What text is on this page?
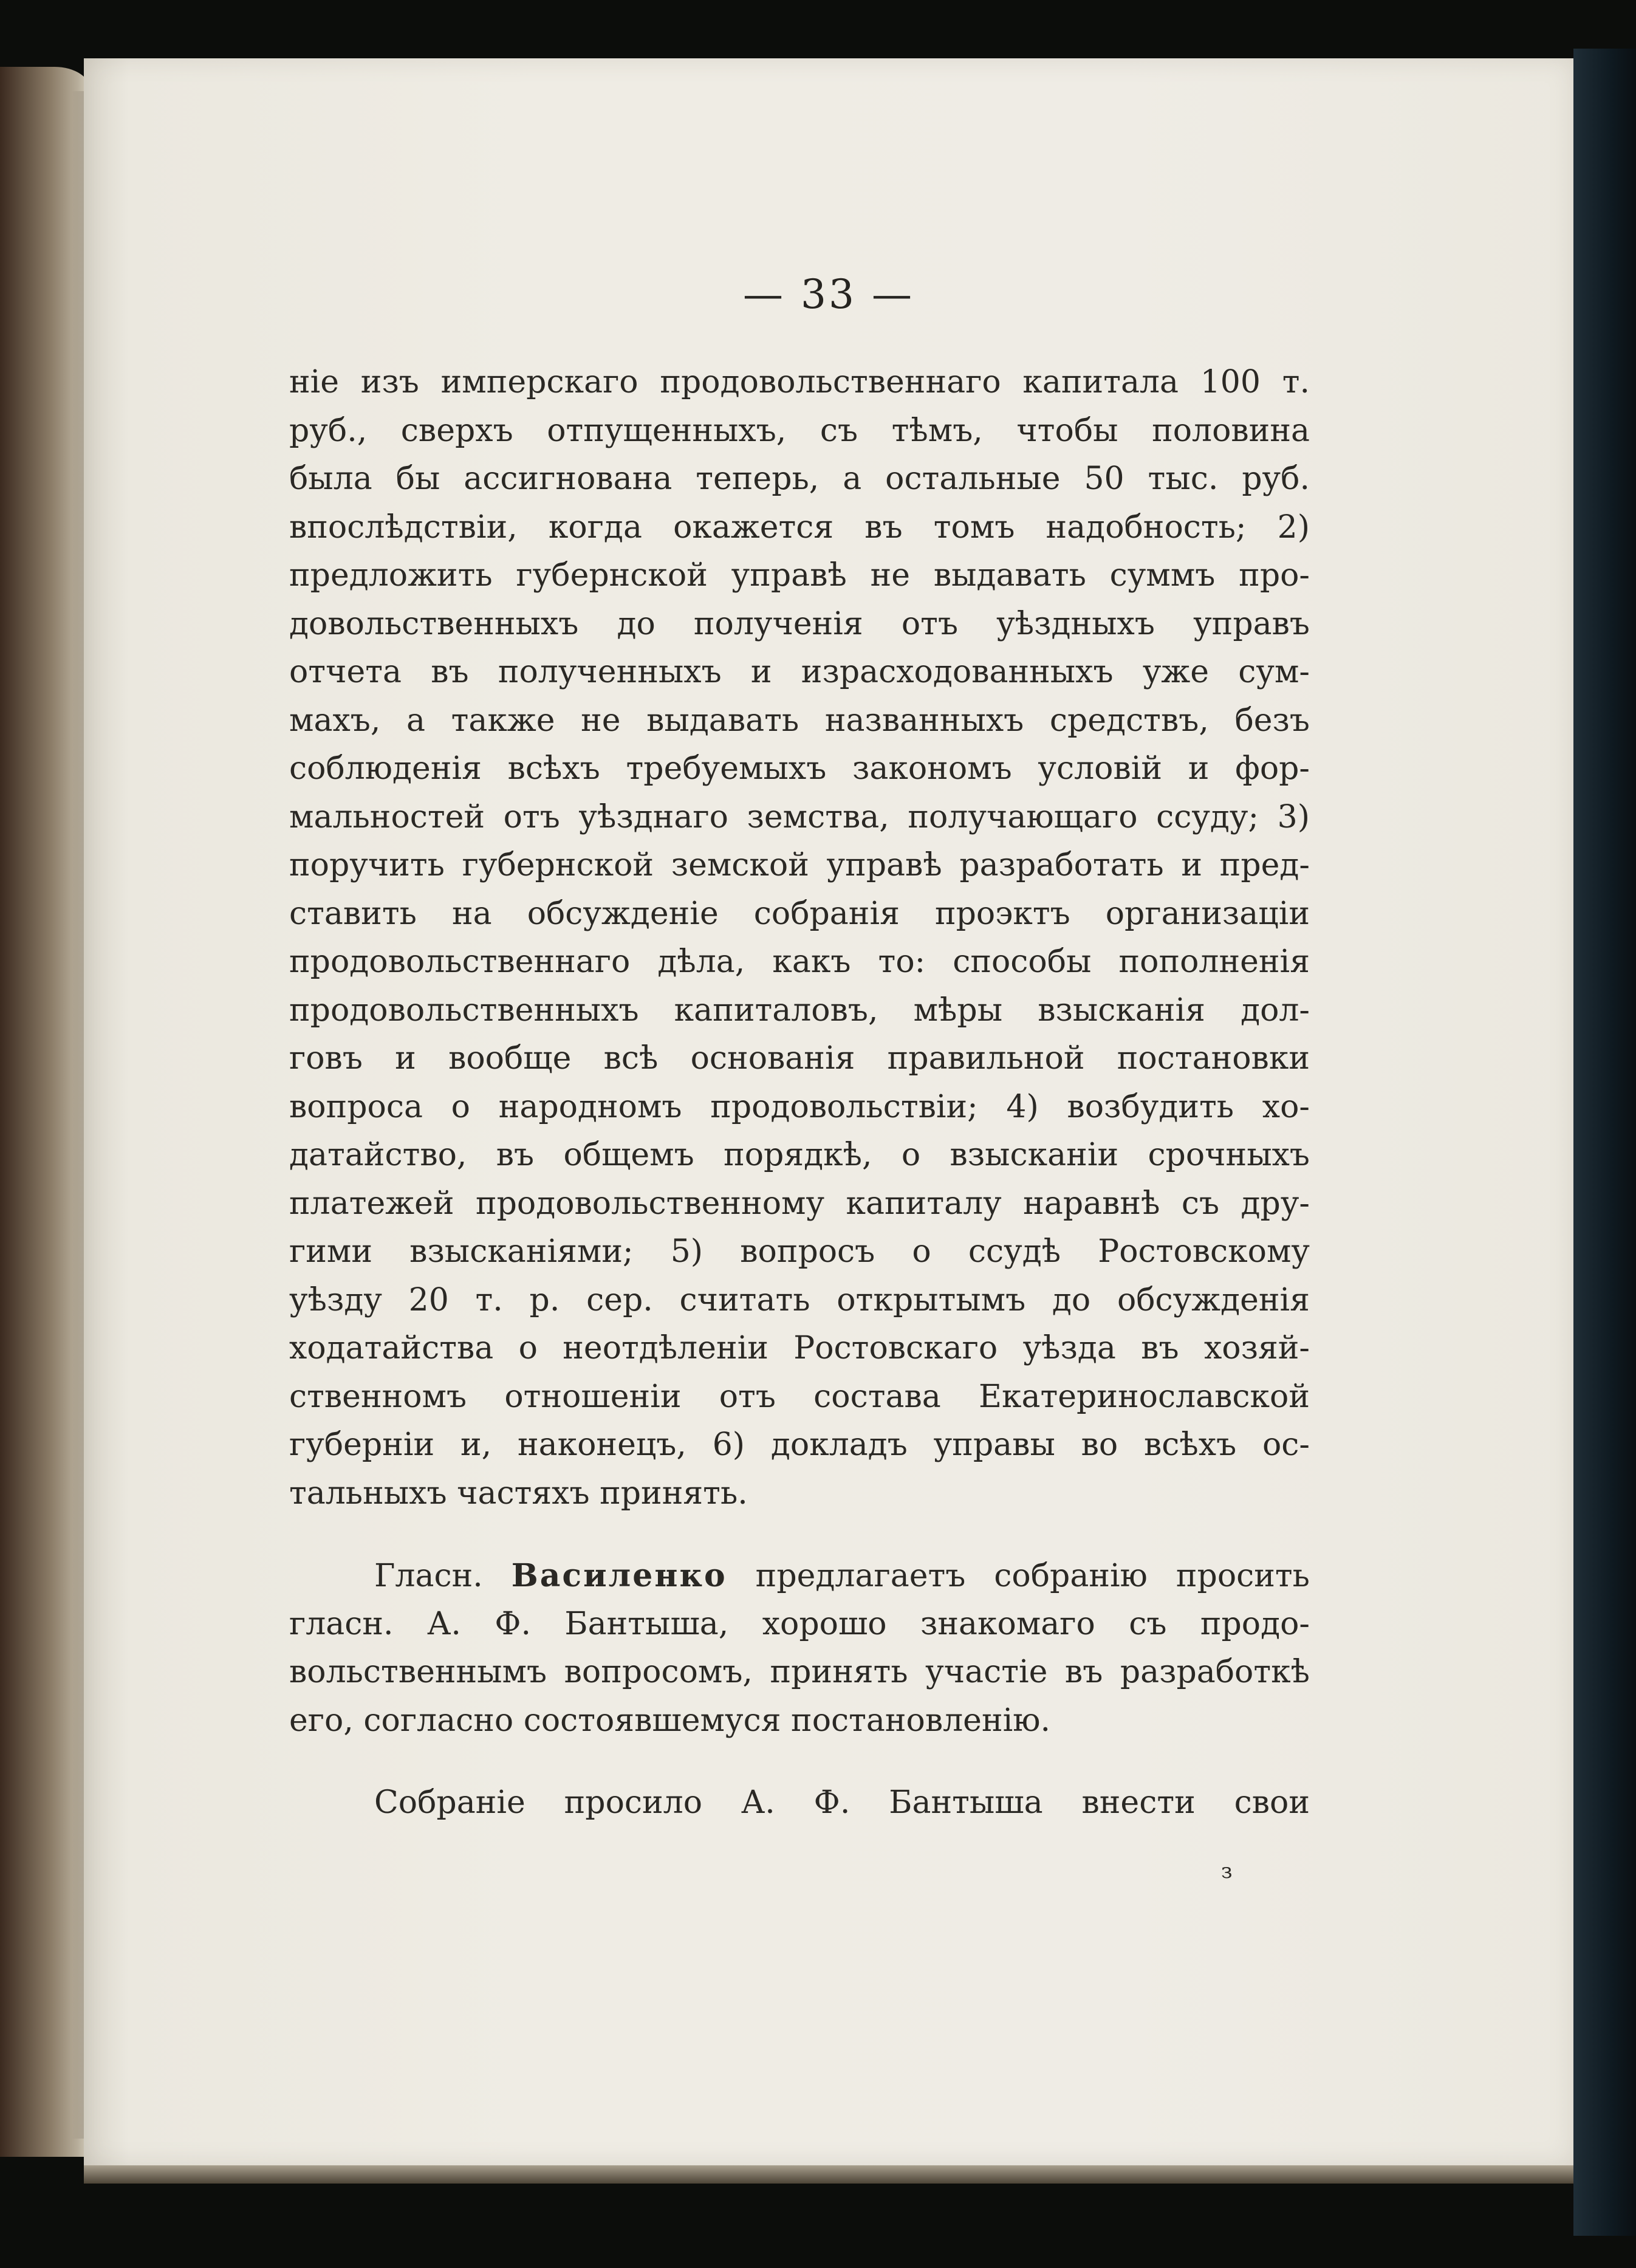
— 33 —
ніе изъ имперскаго продовольственнаго капитала 100 т.
руб., сверхъ отпущенныхъ, съ тѣмъ, чтобы половина
была бы ассигнована теперь, а остальные 50 тыс. руб.
впослѣдствіи, когда окажется въ томъ надобность; 2)
предложить губернской управѣ не выдавать суммъ про-
довольственныхъ до полученія отъ уѣздныхъ управъ
отчета въ полученныхъ и израсходованныхъ уже сум-
махъ, а также не выдавать названныхъ средствъ, безъ
соблюденія всѣхъ требуемыхъ закономъ условій и фор-
мальностей отъ уѣзднаго земства, получающаго ссуду; 3)
поручить губернской земской управѣ разработать и пред-
ставить на обсужденіе собранія проэктъ организаціи
продовольственнаго дѣла, какъ то: способы пополненія
продовольственныхъ капиталовъ, мѣры взысканія дол-
говъ и вообще всѣ основанія правильной постановки
вопроса о народномъ продовольствіи; 4) возбудить хо-
датайство, въ общемъ порядкѣ, о взысканіи срочныхъ
платежей продовольственному капиталу наравнѣ съ дру-
гими взысканіями; 5) вопросъ о ссудѣ Ростовскому
уѣзду 20 т. р. сер. считать открытымъ до обсужденія
ходатайства о неотдѣленіи Ростовскаго уѣзда въ хозяй-
ственномъ отношеніи отъ состава Екатеринославской
губерніи и, наконецъ, 6) докладъ управы во всѣхъ ос-
тальныхъ частяхъ принять.
Гласн. Василенко предлагаетъ собранію просить
гласн. А. Ф. Бантыша, хорошо знакомаго съ продо-
вольственнымъ вопросомъ, принять участіе въ разработкѣ
его, согласно состоявшемуся постановленію.
Собраніе просило А. Ф. Бантыша внести свои
з
